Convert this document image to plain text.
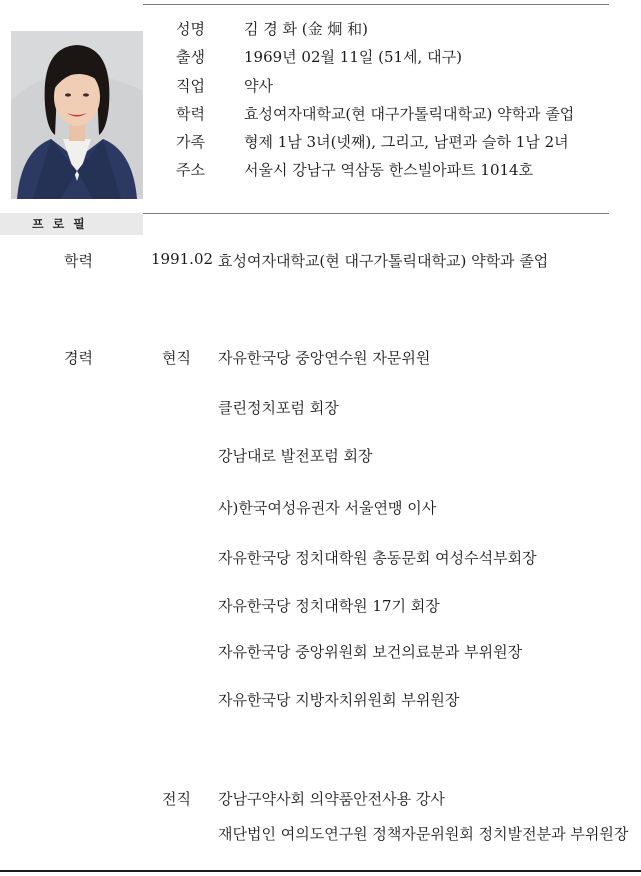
성명	김 경 화 (金 炯 和)
출생	1969년 02월 11일 (51세, 대구)
직업	약사
학력	효성여자대학교(현 대구가톨릭대학교) 약학과 졸업
가족	형제 1남 3녀(넷째), 그리고, 남편과 슬하 1남 2녀
주소	서울시 강남구 역삼동 한스빌아파트 1014호
프로필
학력	1991.02 효성여자대학교(현 대구가톨릭대학교) 약학과 졸업
경력	현직 자유한국당 중앙연수원 자문위원
클린정치포럼 회장
강남대로 발전포럼 회장
사)한국여성유권자 서울연맹 이사
자유한국당 정치대학원 총동문회 여성수석부회장
자유한국당 정치대학원 17기 회장
자유한국당 중앙위원회 보건의료분과 부위원장
자유한국당 지방자치위원회 부위원장
전직 강남구약사회 의약품안전사용 강사
재단법인 여의도연구원 정책자문위원회 정치발전분과 부위원장
